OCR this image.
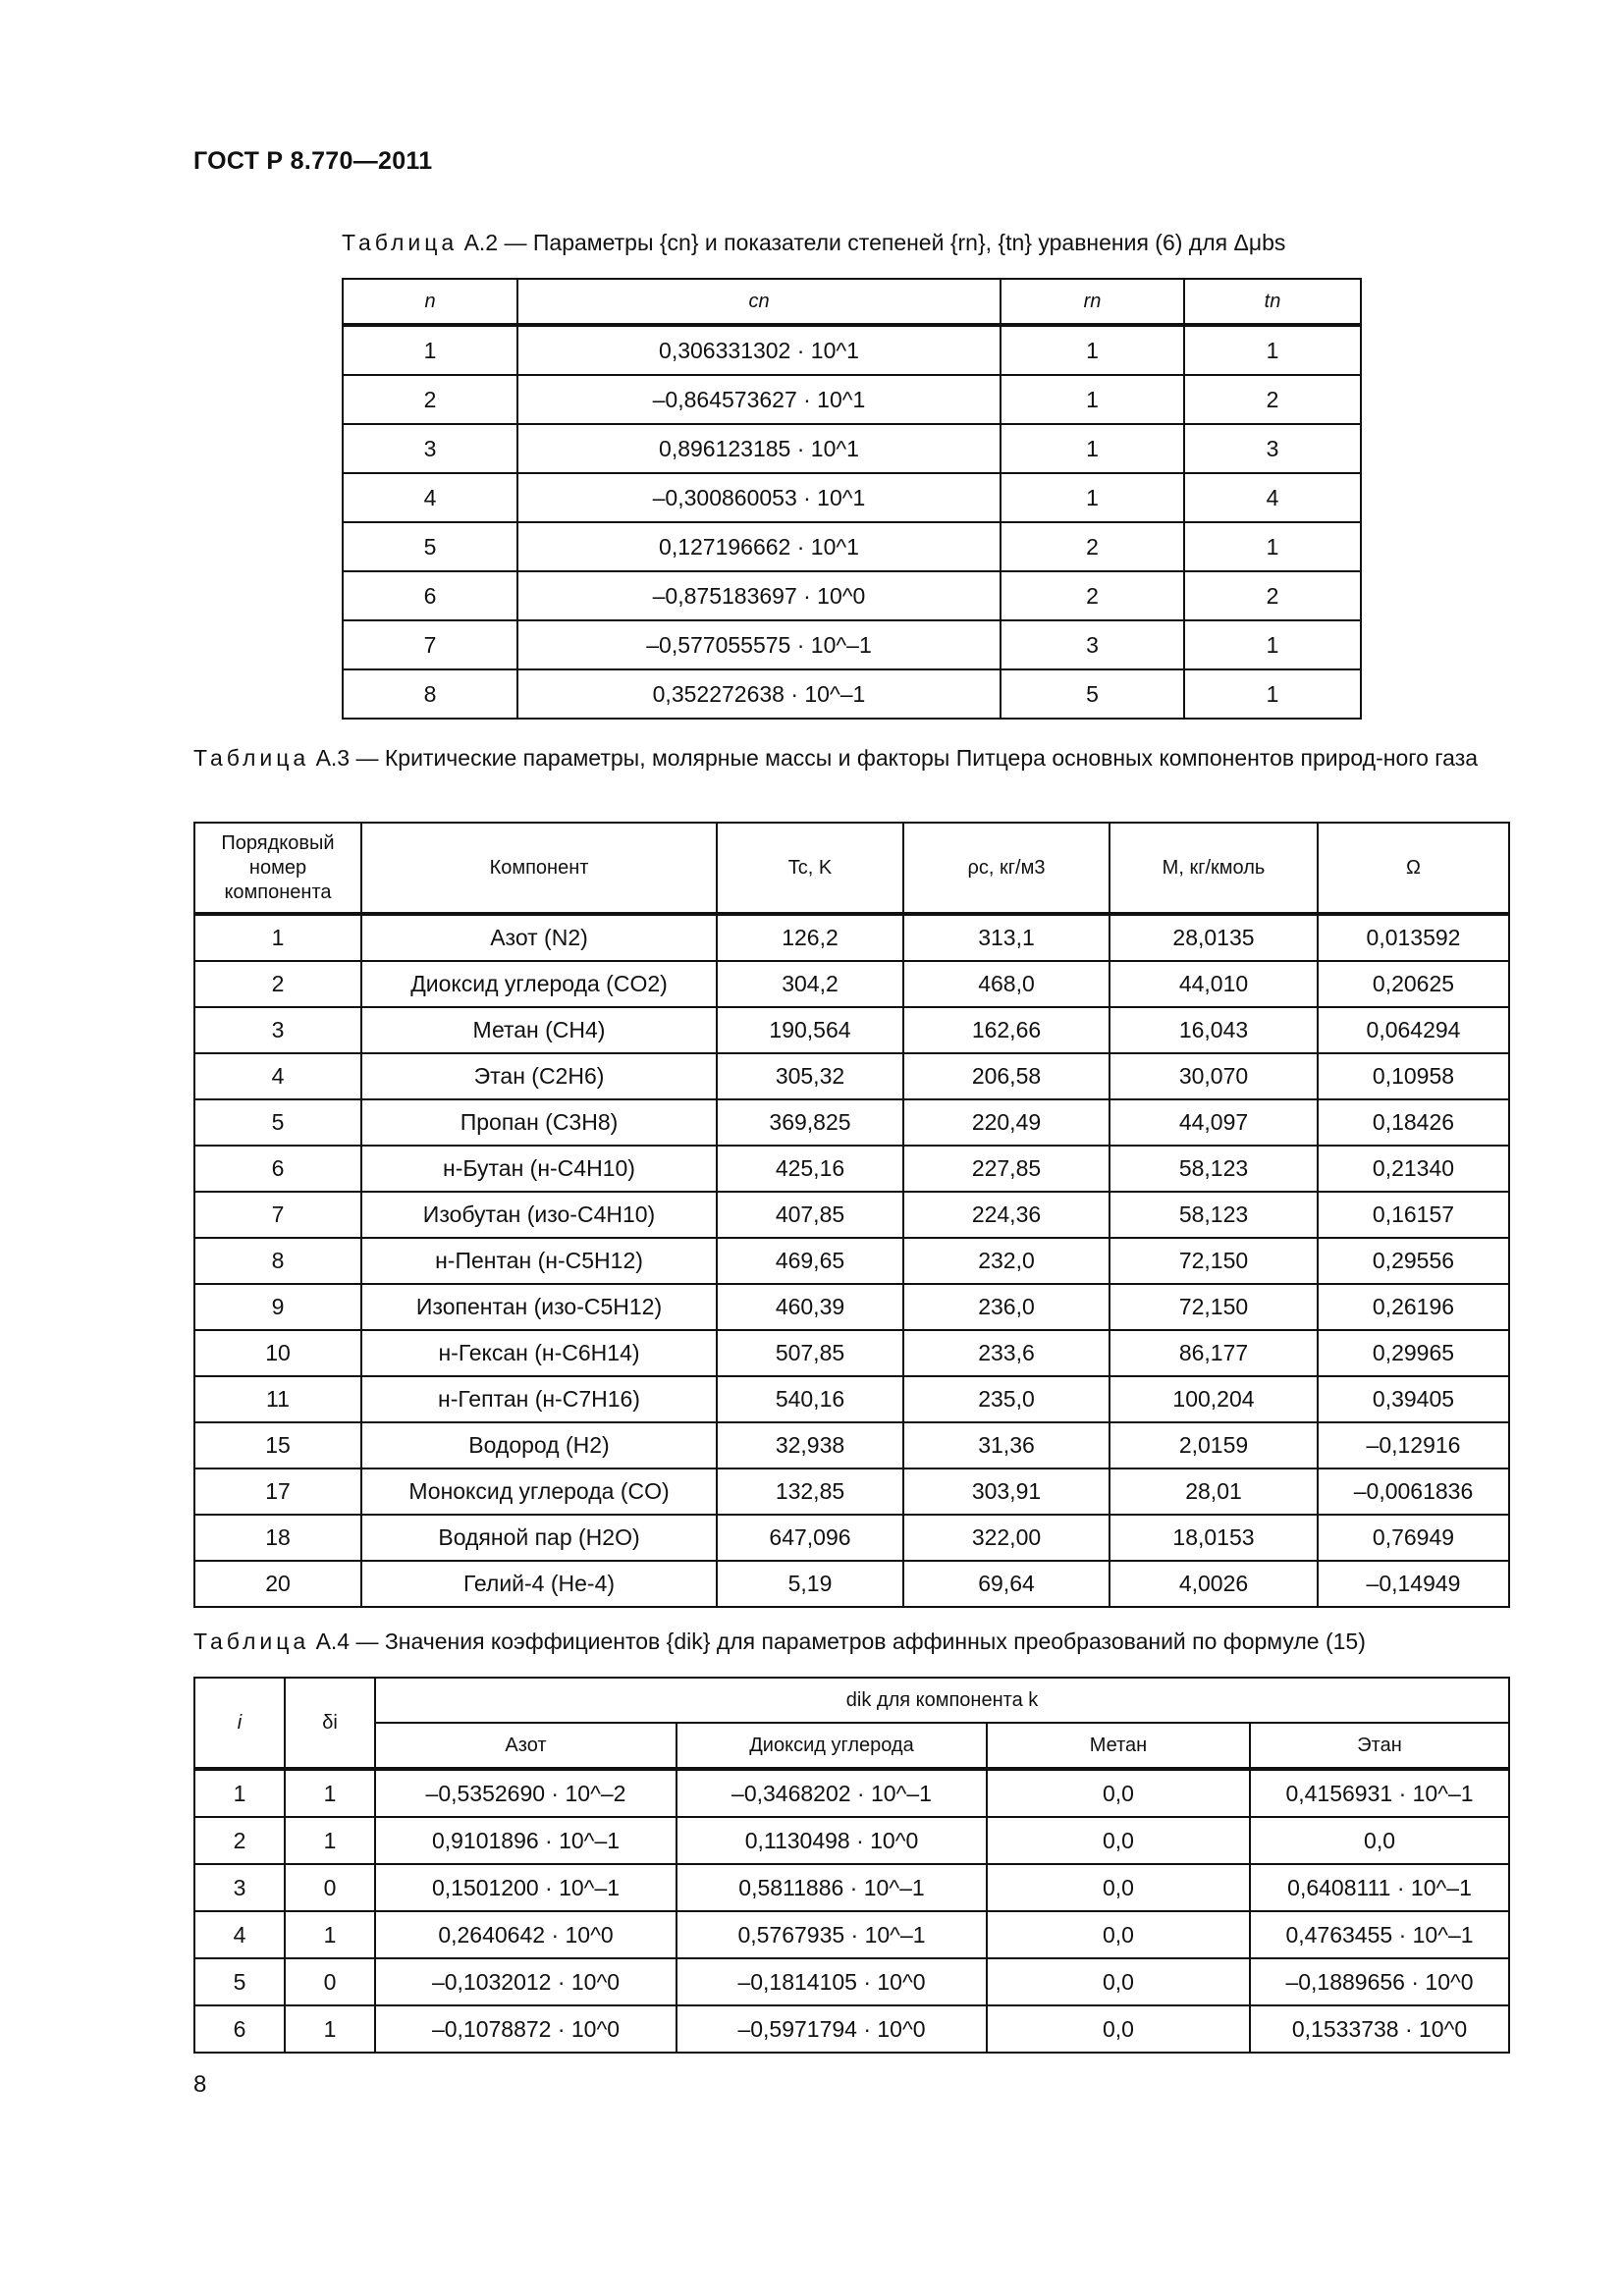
ГОСТ Р 8.770—2011
Таблица А.2 — Параметры {cn} и показатели степеней {rn}, {tn} уравнения (6) для Δμbs
n	cn	rn	tn
1	0,306331302 · 10^1	1	1
2	–0,864573627 · 10^1	1	2
3	0,896123185 · 10^1	1	3
4	–0,300860053 · 10^1	1	4
5	0,127196662 · 10^1	2	1
6	–0,875183697 · 10^0	2	2
7	–0,577055575 · 10^–1	3	1
8	0,352272638 · 10^–1	5	1
Таблица А.3 — Критические параметры, молярные массы и факторы Питцера основных компонентов природ-ного газа
Порядковый номер компонента	Компонент	Tc, K	ρc, кг/м3	M, кг/кмоль	Ω
1	Азот (N2)	126,2	313,1	28,0135	0,013592
2	Диоксид углерода (CO2)	304,2	468,0	44,010	0,20625
3	Метан (CH4)	190,564	162,66	16,043	0,064294
4	Этан (C2H6)	305,32	206,58	30,070	0,10958
5	Пропан (C3H8)	369,825	220,49	44,097	0,18426
6	н-Бутан (н-C4H10)	425,16	227,85	58,123	0,21340
7	Изобутан (изо-C4H10)	407,85	224,36	58,123	0,16157
8	н-Пентан (н-C5H12)	469,65	232,0	72,150	0,29556
9	Изопентан (изо-C5H12)	460,39	236,0	72,150	0,26196
10	н-Гексан (н-C6H14)	507,85	233,6	86,177	0,29965
11	н-Гептан (н-C7H16)	540,16	235,0	100,204	0,39405
15	Водород (H2)	32,938	31,36	2,0159	–0,12916
17	Моноксид углерода (CO)	132,85	303,91	28,01	–0,0061836
18	Водяной пар (H2O)	647,096	322,00	18,0153	0,76949
20	Гелий-4 (He-4)	5,19	69,64	4,0026	–0,14949
Таблица А.4 — Значения коэффициентов {dik} для параметров аффинных преобразований по формуле (15)
i	δi	dik для компонента k			
		Азот	Диоксид углерода	Метан	Этан
1	1	–0,5352690 · 10^–2	–0,3468202 · 10^–1	0,0	0,4156931 · 10^–1
2	1	0,9101896 · 10^–1	0,1130498 · 10^0	0,0	0,0
3	0	0,1501200 · 10^–1	0,5811886 · 10^–1	0,0	0,6408111 · 10^–1
4	1	0,2640642 · 10^0	0,5767935 · 10^–1	0,0	0,4763455 · 10^–1
5	0	–0,1032012 · 10^0	–0,1814105 · 10^0	0,0	–0,1889656 · 10^0
6	1	–0,1078872 · 10^0	–0,5971794 · 10^0	0,0	0,1533738 · 10^0
8
